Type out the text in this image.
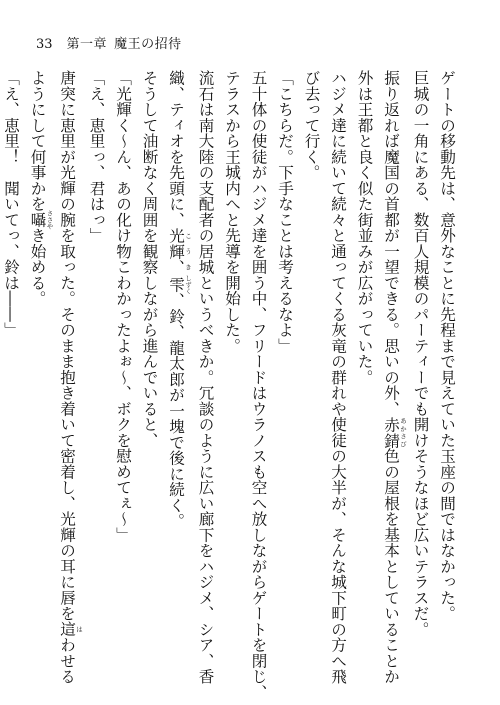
33 第一章 魔王の招待
ゲートの移動先は、意外なことに先程まで見えていた玉座の間ではなかった。
巨城の一角にある、数百人規模のパーティーでも開けそうなほど広いテラスだ。
振り返れば魔国の首都が一望できる。思いの外、赤錆 あかさび色の屋根を基本としていることか
外は王都と良く似た街並みが広がっていた。
ハジメ達に続いて続々と通ってくる灰竜の群れや使徒の大半が、そんな城下町の方へ飛
び去って行く。
「こちらだ。下手なことは考えるなよ」
五十体の使徒がハジメ達を囲う中、フリードはウラノスも空へ放しながらゲートを閉じ、
テラスから王城内へと先導を開始した。
流石は南大陸の支配者の居城というべきか。冗談のように広い廊下をハジメ、シア、香
織、ティオを先頭に、光輝、 こうき雫 しずく、鈴、龍太郎が一塊で後に続く。
そうして油断なく周囲を観察しながら進んでいると、
「光輝く～ん、あの化け物こわかったよぉ～、ボクを慰めてぇ～」
「え、恵里っ、君はっ」
唐突に恵里が光輝の腕を取った。そのまま抱き着いて密着し、光輝の耳に唇を這 はわせる
ようにして何事かを囁 ささやき始める。
「え、恵里！　聞いてっ、鈴は――」
